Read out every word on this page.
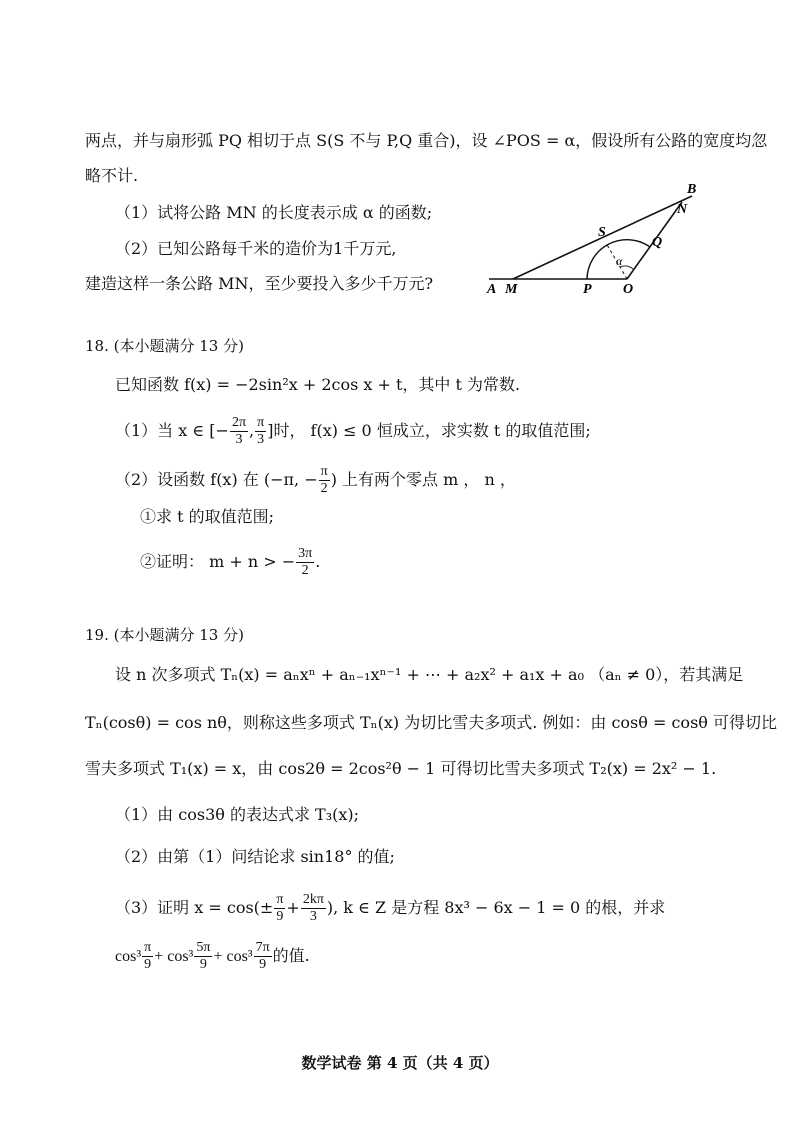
两点，并与扇形弧 PQ 相切于点 S(S 不与 P,Q 重合)，设 ∠POS = α，假设所有公路的宽度均忽
略不计.
（1）试将公路 MN 的长度表示成 α 的函数;
（2）已知公路每千米的造价为1千万元,
建造这样一条公路 MN，至少要投入多少千万元?	A M	P O
Q
S
N
B
α
18. (本小题满分 13 分)
已知函数 f(x) = −2sin²x + 2cos x + t，其中 t 为常数.
（1）当 x ∈ [− $\frac{2\pi}{3}$ , $\frac{\pi}{3}$ ]时， f(x) ≤ 0 恒成立，求实数 t 的取值范围;
（2）设函数 f(x) 在 (−π, − $\frac{\pi}{2}$ ) 上有两个零点 m ， n ，
①求 t 的取值范围;
②证明： m + n > − $\frac{3\pi}{2}$ .
19. (本小题满分 13 分)
设 n 次多项式 Tₙ(x) = aₙxⁿ + aₙ₋₁xⁿ⁻¹ + ⋯ + a₂x² + a₁x + a₀ （aₙ ≠ 0），若其满足
Tₙ(cosθ) = cos nθ，则称这些多项式 Tₙ(x) 为切比雪夫多项式. 例如：由 cosθ = cosθ 可得切比
雪夫多项式 T₁(x) = x，由 cos2θ = 2cos²θ − 1 可得切比雪夫多项式 T₂(x) = 2x² − 1.
（1）由 cos3θ 的表达式求 T₃(x);
（2）由第（1）问结论求 sin18° 的值;
（3）证明 $x = \cos(\pm \frac{\pi}{9} + \frac{2k\pi}{3}$ ), k ∈ Z 是方程 8x³ − 6x − 1 = 0 的根，并求
$\cos^3 \frac{\pi}{9} + \cos^3 \frac{5\pi}{9} + \cos^3 \frac{7\pi}{9}$ 的值.
数学试卷 第 4 页（共 4 页）
